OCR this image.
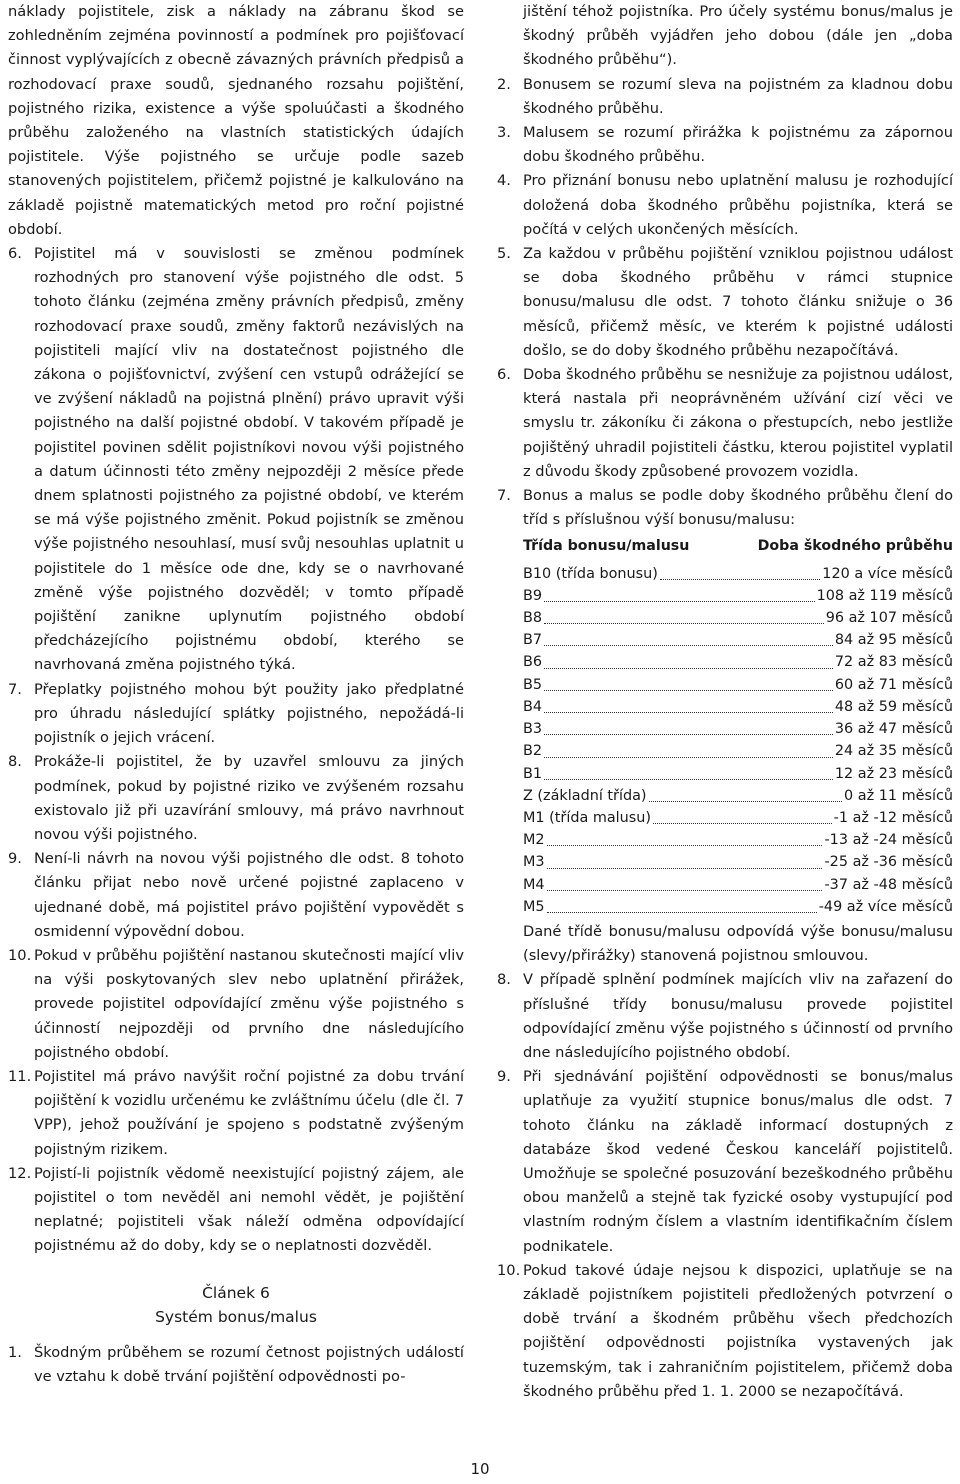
náklady pojistitele, zisk a náklady na zábranu škod se zohledněním zejména povinností a podmínek pro pojišťovací činnost vyplývajících z obecně závazných právních předpisů a rozhodovací praxe soudů, sjednaného rozsahu pojištění, pojistného rizika, existence a výše spoluúčasti a škodného průběhu založeného na vlastních statistických údajích pojistitele. Výše pojistného se určuje podle sazeb stanovených pojistitelem, přičemž pojistné je kalkulováno na základě pojistně matematických metod pro roční pojistné období.

6. Pojistitel má v souvislosti se změnou podmínek rozhodných pro stanovení výše pojistného dle odst. 5 tohoto článku (zejména změny právních předpisů, změny rozhodovací praxe soudů, změny faktorů nezávislých na pojistiteli mající vliv na dostatečnost pojistného dle zákona o pojišťovnictví, zvýšení cen vstupů odrážející se ve zvýšení nákladů na pojistná plnění) právo upravit výši pojistného na další pojistné období. V takovém případě je pojistitel povinen sdělit pojistníkovi novou výši pojistného a datum účinnosti této změny nejpozději 2 měsíce přede dnem splatnosti pojistného za pojistné období, ve kterém se má výše pojistného změnit. Pokud pojistník se změnou výše pojistného nesouhlasí, musí svůj nesouhlas uplatnit u pojistitele do 1 měsíce ode dne, kdy se o navrhované změně výše pojistného dozvěděl; v tomto případě pojištění zanikne uplynutím pojistného období předcházejícího pojistnému období, kterého se navrhovaná změna pojistného týká.

7. Přeplatky pojistného mohou být použity jako předplatné pro úhradu následující splátky pojistného, nepožádá-li pojistník o jejich vrácení.

8. Prokáže-li pojistitel, že by uzavřel smlouvu za jiných podmínek, pokud by pojistné riziko ve zvýšeném rozsahu existovalo již při uzavírání smlouvy, má právo navrhnout novou výši pojistného.

9. Není-li návrh na novou výši pojistného dle odst. 8 tohoto článku přijat nebo nově určené pojistné zaplaceno v ujednané době, má pojistitel právo pojištění vypovědět s osmidenní výpovědní dobou.

10. Pokud v průběhu pojištění nastanou skutečnosti mající vliv na výši poskytovaných slev nebo uplatnění přirážek, provede pojistitel odpovídající změnu výše pojistného s účinností nejpozději od prvního dne následujícího pojistného období.

11. Pojistitel má právo navýšit roční pojistné za dobu trvání pojištění k vozidlu určenému ke zvláštnímu účelu (dle čl. 7 VPP), jehož používání je spojeno s podstatně zvýšeným pojistným rizikem.

12. Pojistí-li pojistník vědomě neexistující pojistný zájem, ale pojistitel o tom nevěděl ani nemohl vědět, je pojištění neplatné; pojistiteli však náleží odměna odpovídající pojistnému až do doby, kdy se o neplatnosti dozvěděl.

Článek 6

Systém bonus/malus

1. Škodným průběhem se rozumí četnost pojistných událostí ve vztahu k době trvání pojištění odpovědnosti po-

jištění téhož pojistníka. Pro účely systému bonus/malus je škodný průběh vyjádřen jeho dobou (dále jen „doba škodného průběhu“).

2. Bonusem se rozumí sleva na pojistném za kladnou dobu škodného průběhu.

3. Malusem se rozumí přirážka k pojistnému za zápornou dobu škodného průběhu.

4. Pro přiznání bonusu nebo uplatnění malusu je rozhodující doložená doba škodného průběhu pojistníka, která se počítá v celých ukončených měsících.

5. Za každou v průběhu pojištění vzniklou pojistnou událost se doba škodného průběhu v rámci stupnice bonusu/malusu dle odst. 7 tohoto článku snižuje o 36 měsíců, přičemž měsíc, ve kterém k pojistné události došlo, se do doby škodného průběhu nezapočítává.

6. Doba škodného průběhu se nesnižuje za pojistnou událost, která nastala při neoprávněném užívání cizí věci ve smyslu tr. zákoníku či zákona o přestupcích, nebo jestliže pojištěný uhradil pojistiteli částku, kterou pojistitel vyplatil z důvodu škody způsobené provozem vozidla.

7. Bonus a malus se podle doby škodného průběhu člení do tříd s příslušnou výší bonusu/malusu:

Třída bonusu/malusu	Doba škodného průběhu
B10 (třída bonusu)	120 a více měsíců
B9	108 až 119 měsíců
B8	96 až 107 měsíců
B7	84 až 95 měsíců
B6	72 až 83 měsíců
B5	60 až 71 měsíců
B4	48 až 59 měsíců
B3	36 až 47 měsíců
B2	24 až 35 měsíců
B1	12 až 23 měsíců
Z (základní třída)	0 až 11 měsíců
M1 (třída malusu)	-1 až -12 měsíců
M2	-13 až -24 měsíců
M3	-25 až -36 měsíců
M4	-37 až -48 měsíců
M5	-49 až více měsíců

Dané třídě bonusu/malusu odpovídá výše bonusu/malusu (slevy/přirážky) stanovená pojistnou smlouvou.

8. V případě splnění podmínek majících vliv na zařazení do příslušné třídy bonusu/malusu provede pojistitel odpovídající změnu výše pojistného s účinností od prvního dne následujícího pojistného období.

9. Při sjednávání pojištění odpovědnosti se bonus/malus uplatňuje za využití stupnice bonus/malus dle odst. 7 tohoto článku na základě informací dostupných z databáze škod vedené Českou kanceláří pojistitelů. Umožňuje se společné posuzování bezeškodného průběhu obou manželů a stejně tak fyzické osoby vystupující pod vlastním rodným číslem a vlastním identifikačním číslem podnikatele.

10. Pokud takové údaje nejsou k dispozici, uplatňuje se na základě pojistníkem pojistiteli předložených potvrzení o době trvání a škodném průběhu všech předchozích pojištění odpovědnosti pojistníka vystavených jak tuzemským, tak i zahraničním pojistitelem, přičemž doba škodného průběhu před 1. 1. 2000 se nezapočítává.

10
